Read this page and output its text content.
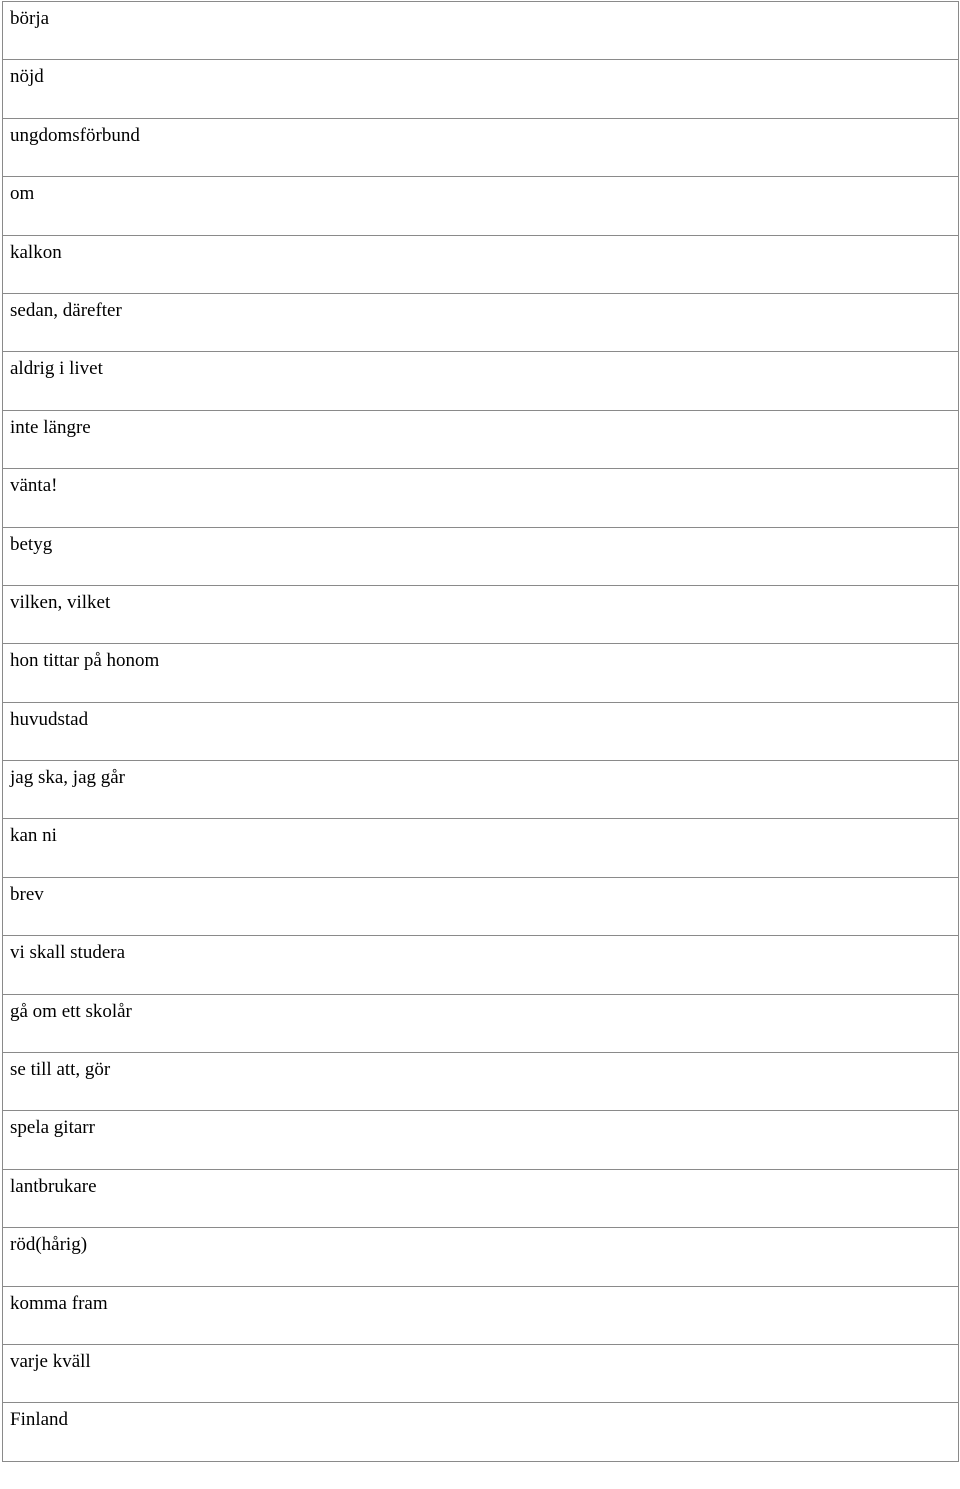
börja

nöjd

ungdomsförbund

om

kalkon

sedan, därefter

aldrig i livet

inte längre

vänta!

betyg

vilken, vilket

hon tittar på honom

huvudstad

jag ska, jag går

kan ni

brev

vi skall studera

gå om ett skolår

se till att, gör

spela gitarr

lantbrukare

röd(hårig)

komma fram

varje kväll

Finland
